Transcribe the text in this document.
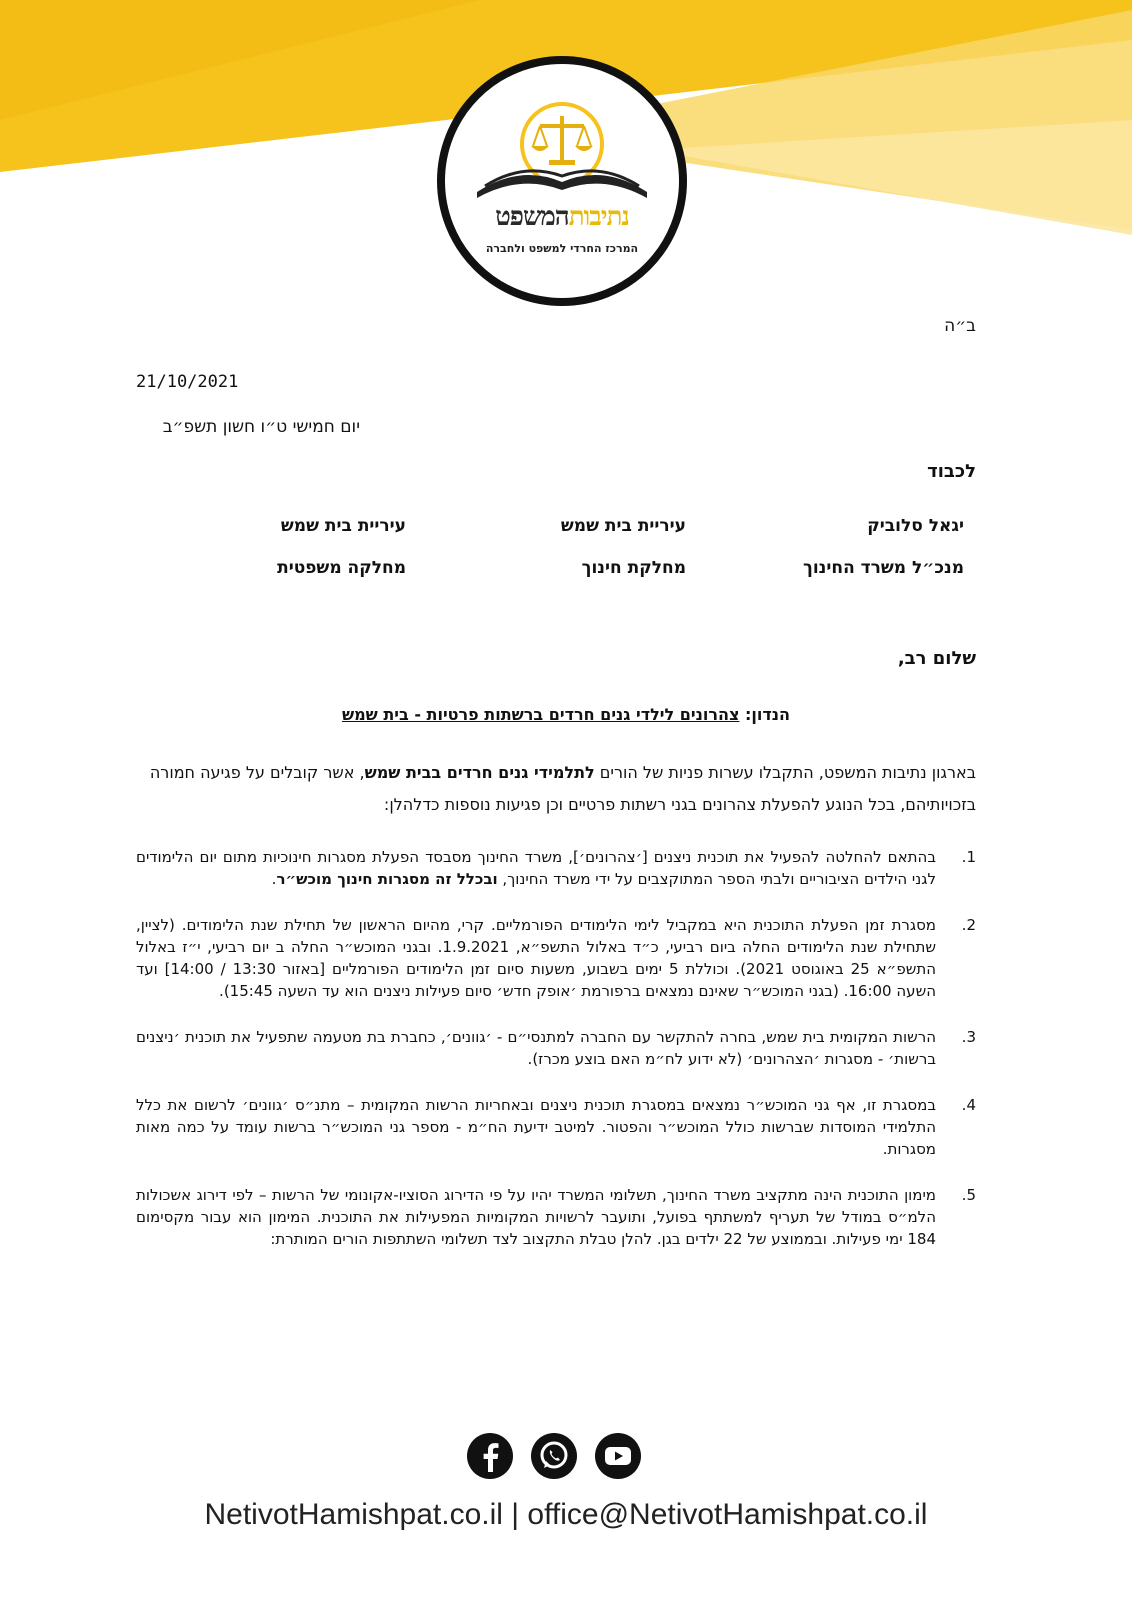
נתיבותהמשפט
המרכז החרדי למשפט ולחברה
ב״ה
21/10/2021
יום חמישי ט״ו חשון תשפ״ב
לכבוד
יגאל סלוביק
מנכ״ל משרד החינוך
עיריית בית שמש
מחלקת חינוך
עיריית בית שמש
מחלקה משפטית
שלום רב,
הנדון: צהרונים לילדי גנים חרדים ברשתות פרטיות - בית שמש
בארגון נתיבות המשפט, התקבלו עשרות פניות של הורים לתלמידי גנים חרדים בבית שמש, אשר קובלים על פגיעה חמורה בזכויותיהם, בכל הנוגע להפעלת צהרונים בגני רשתות פרטיים וכן פגיעות נוספות כדלהלן:
1.
בהתאם להחלטה להפעיל את תוכנית ניצנים [׳צהרונים׳], משרד החינוך מסבסד הפעלת מסגרות חינוכיות מתום יום הלימודים לגני הילדים הציבוריים ולבתי הספר המתוקצבים על ידי משרד החינוך, ובכלל זה מסגרות חינוך מוכש״ר.
2.
מסגרת זמן הפעלת התוכנית היא במקביל לימי הלימודים הפורמליים. קרי, מהיום הראשון של תחילת שנת הלימודים. (לציין, שתחילת שנת הלימודים החלה ביום רביעי, כ״ד באלול התשפ״א, 1.9.2021. ובגני המוכש״ר החלה ב יום רביעי, י״ז באלול התשפ״א 25 באוגוסט 2021). וכוללת 5 ימים בשבוע, משעות סיום זמן הלימודים הפורמליים [באזור 13:30 / 14:00] ועד השעה 16:00. (בגני המוכש״ר שאינם נמצאים ברפורמת ׳אופק חדש׳ סיום פעילות ניצנים הוא עד השעה 15:45).
3.
הרשות המקומית בית שמש, בחרה להתקשר עם החברה למתנסי״ם - ׳גוונים׳, כחברת בת מטעמה שתפעיל את תוכנית ׳ניצנים ברשות׳ - מסגרות ׳הצהרונים׳ (לא ידוע לח״מ האם בוצע מכרז).
4.
במסגרת זו, אף גני המוכש״ר נמצאים במסגרת תוכנית ניצנים ובאחריות הרשות המקומית – מתנ״ס ׳גוונים׳ לרשום את כלל התלמידי המוסדות שברשות כולל המוכש״ר והפטור. למיטב ידיעת הח״מ - מספר גני המוכש״ר ברשות עומד על כמה מאות מסגרות.
5.
מימון התוכנית הינה מתקציב משרד החינוך, תשלומי המשרד יהיו על פי הדירוג הסוציו-אקונומי של הרשות – לפי דירוג אשכולות הלמ״ס במודל של תעריף למשתתף בפועל, ותועבר לרשויות המקומיות המפעילות את התוכנית. המימון הוא עבור מקסימום 184 ימי פעילות. ובממוצע של 22 ילדים בגן. להלן טבלת התקצוב לצד תשלומי השתתפות הורים המותרת:
NetivotHamishpat.co.il | office@NetivotHamishpat.co.il
